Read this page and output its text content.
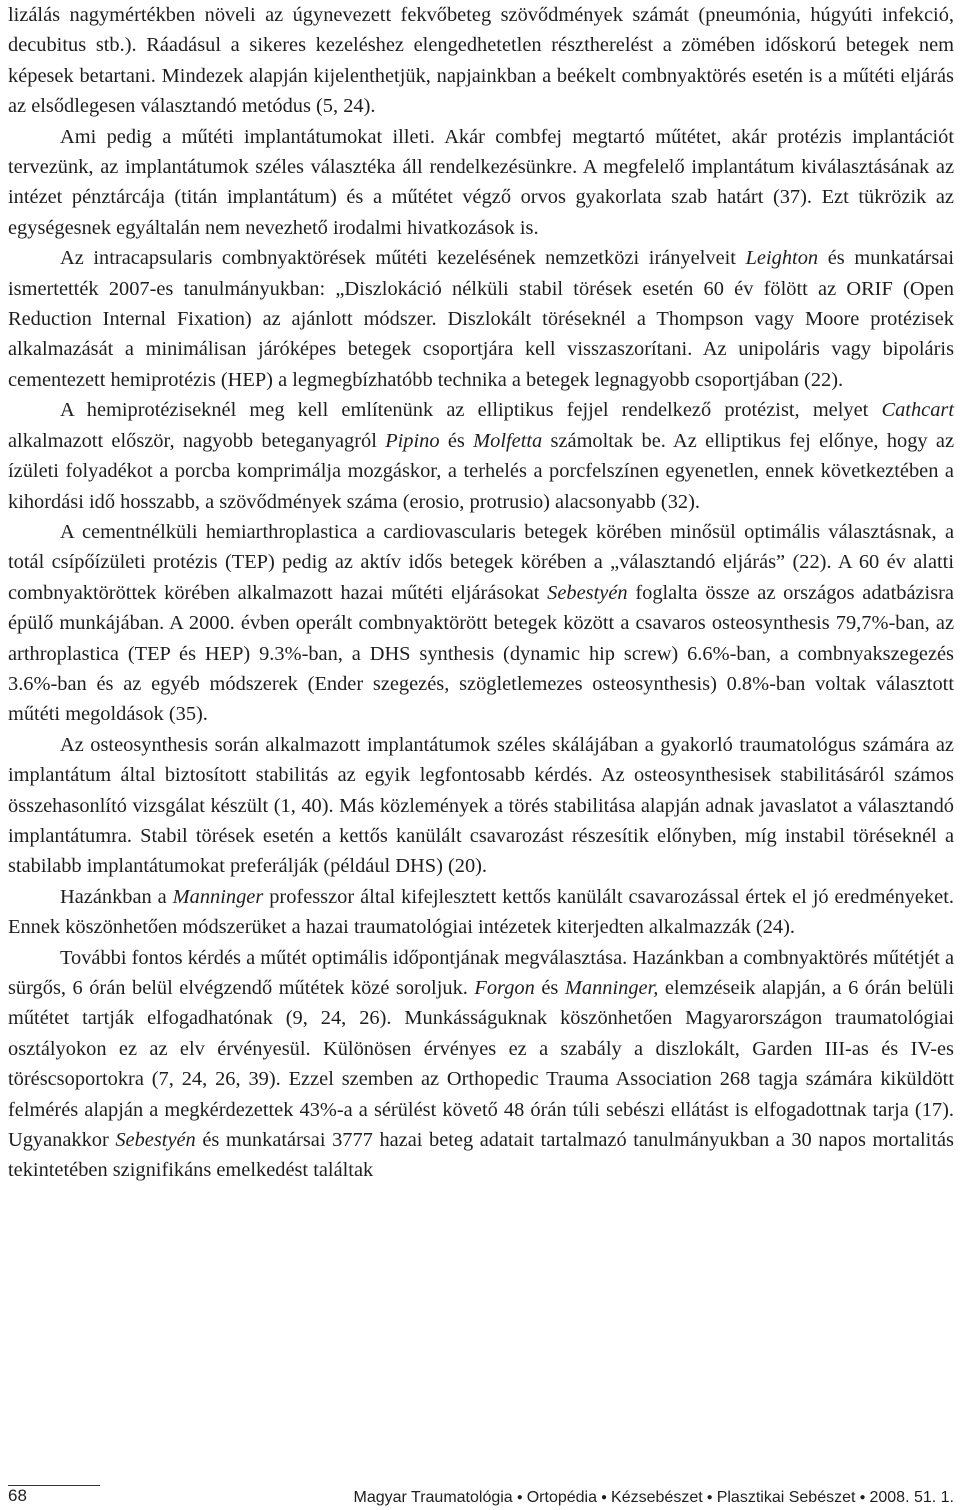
lizálás nagymértékben növeli az úgynevezett fekvőbeteg szövődmények számát (pneumónia, húgyúti infekció, decubitus stb.). Ráadásul a sikeres kezeléshez elengedhetetlen résztherelést a zömében időskorú betegek nem képesek betartani. Mindezek alapján kijelenthetjük, napjainkban a beékelt combnyaktörés esetén is a műtéti eljárás az elsődlegesen választandó metódus (5, 24).

Ami pedig a műtéti implantátumokat illeti. Akár combfej megtartó műtétet, akár protézis implantációt tervezünk, az implantátumok széles választéka áll rendelkezésünkre. A megfelelő implantátum kiválasztásának az intézet pénztárcája (titán implantátum) és a műtétet végző orvos gyakorlata szab határt (37). Ezt tükrözik az egységesnek egyáltalán nem nevezhető irodalmi hivatkozások is.

Az intracapsularis combnyaktörések műtéti kezelésének nemzetközi irányelveit Leighton és munkatársai ismertették 2007-es tanulmányukban: „Diszlokáció nélküli stabil törések esetén 60 év fölött az ORIF (Open Reduction Internal Fixation) az ajánlott módszer. Diszlokált töréseknél a Thompson vagy Moore protézisek alkalmazását a minimálisan járóképes betegek csoportjára kell visszaszorítani. Az unipoláris vagy bipoláris cementezett hemiprotézis (HEP) a legmegbízhatóbb technika a betegek legnagyobb csoportjában (22).

A hemiprotéziseknél meg kell említenünk az elliptikus fejjel rendelkező protézist, melyet Cathcart alkalmazott először, nagyobb beteganyagról Pipino és Molfetta számoltak be. Az elliptikus fej előnye, hogy az ízületi folyadékot a porcba komprimálja mozgáskor, a terhelés a porcfelszínen egyenetlen, ennek következtében a kihordási idő hosszabb, a szövődmények száma (erosio, protrusio) alacsonyabb (32).

A cementnélküli hemiarthroplastica a cardiovascularis betegek körében minősül optimális választásnak, a totál csípőízületi protézis (TEP) pedig az aktív idős betegek körében a „választandó eljárás” (22). A 60 év alatti combnyaktöröttek körében alkalmazott hazai műtéti eljárásokat Sebestyén foglalta össze az országos adatbázisra épülő munkájában. A 2000. évben operált combnyaktörött betegek között a csavaros osteosynthesis 79,7%-ban, az arthroplastica (TEP és HEP) 9.3%-ban, a DHS synthesis (dynamic hip screw) 6.6%-ban, a combnyakszegezés 3.6%-ban és az egyéb módszerek (Ender szegezés, szögletlemezes osteosynthesis) 0.8%-ban voltak választott műtéti megoldások (35).

Az osteosynthesis során alkalmazott implantátumok széles skálájában a gyakorló traumatológus számára az implantátum által biztosított stabilitás az egyik legfontosabb kérdés. Az osteosynthesisek stabilitásáról számos összehasonlító vizsgálat készült (1, 40). Más közlemények a törés stabilitása alapján adnak javaslatot a választandó implantátumra. Stabil törések esetén a kettős kanülált csavarozást részesítik előnyben, míg instabil töréseknél a stabilabb implantátumokat preferálják (például DHS) (20).

Hazánkban a Manninger professzor által kifejlesztett kettős kanülált csavarozással értek el jó eredményeket. Ennek köszönhetően módszerüket a hazai traumatológiai intézetek kiterjedten alkalmazzák (24).

További fontos kérdés a műtét optimális időpontjának megválasztása. Hazánkban a combnyaktörés műtétjét a sürgős, 6 órán belül elvégzendő műtétek közé soroljuk. Forgon és Manninger, elemzéseik alapján, a 6 órán belüli műtétet tartják elfogadhatónak (9, 24, 26). Munkásságuknak köszönhetően Magyarországon traumatológiai osztályokon ez az elv érvényesül. Különösen érvényes ez a szabály a diszlokált, Garden III-as és IV-es töréscsoportokra (7, 24, 26, 39). Ezzel szemben az Orthopedic Trauma Association 268 tagja számára kiküldött felmérés alapján a megkérdezettek 43%-a a sérülést követő 48 órán túli sebészi ellátást is elfogadottnak tarja (17). Ugyanakkor Sebestyén és munkatársai 3777 hazai beteg adatait tartalmazó tanulmányukban a 30 napos mortalitás tekintetében szignifikáns emelkedést találtak

68	Magyar Traumatológia ● Ortopédia ● Kézsebészet ● Plasztikai Sebészet ● 2008. 51. 1.
